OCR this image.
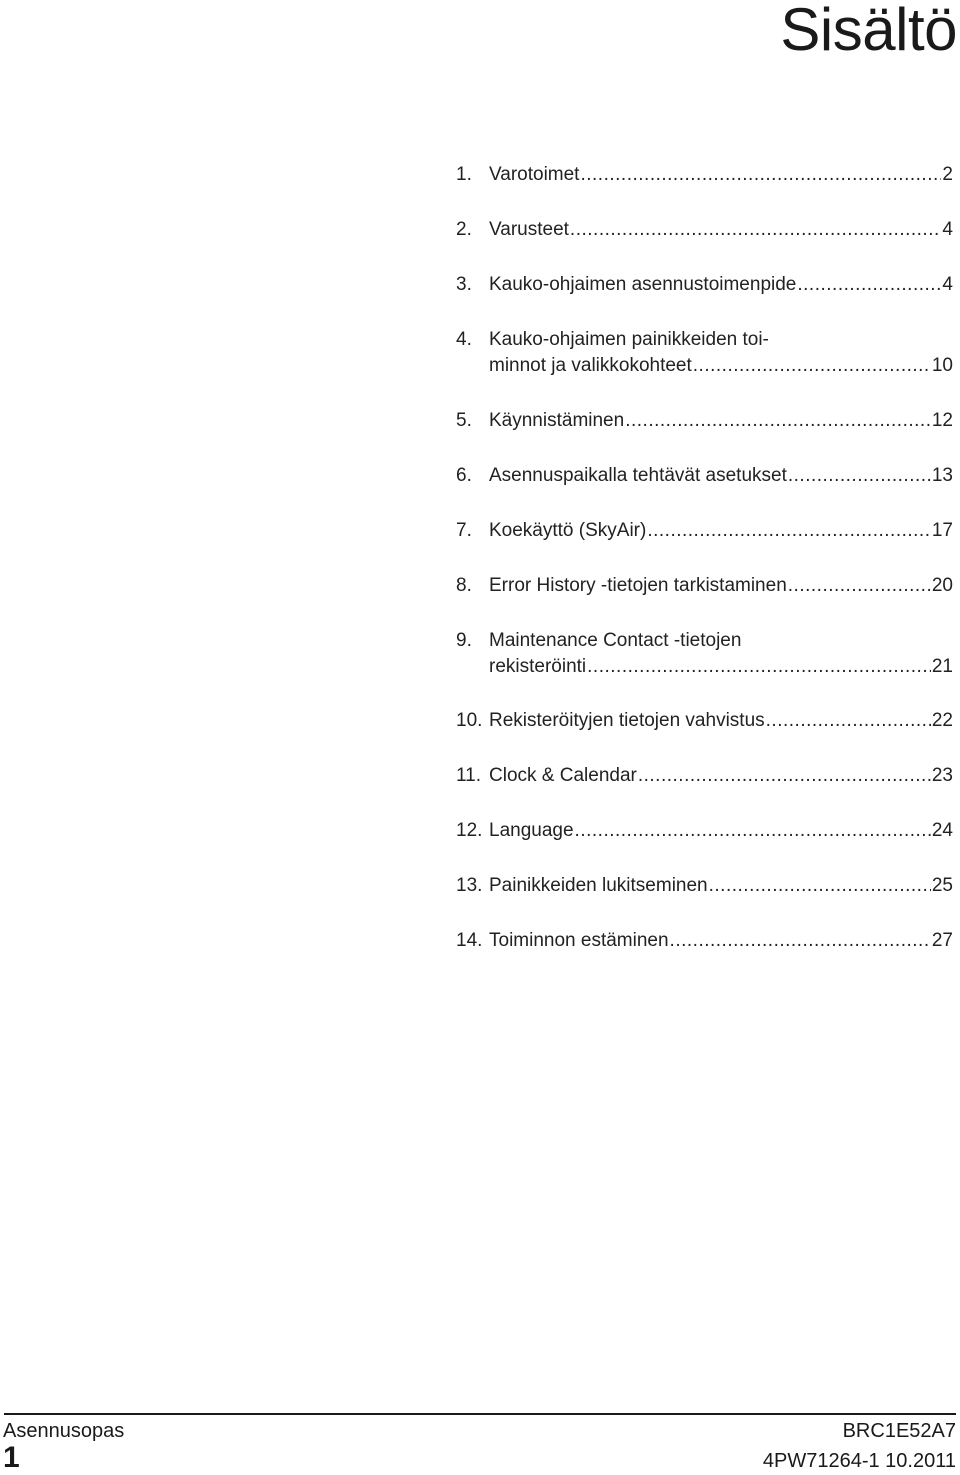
Sisältö
1. Varotoimet .....	2
2. Varusteet .....	4
3. Kauko-ohjaimen asennustoimenpide .....	4
4. Kauko-ohjaimen painikkeiden toi-
minnot ja valikkokohteet .....	10
5. Käynnistäminen .....	12
6. Asennuspaikalla tehtävät asetukset .....	13
7. Koekäyttö (SkyAir) .....	17
8. Error History -tietojen tarkistaminen .....	20
9. Maintenance Contact -tietojen
rekisteröinti .....	21
10. Rekisteröityjen tietojen vahvistus .....	22
11. Clock & Calendar .....	23
12. Language .....	24
13. Painikkeiden lukitseminen .....	25
14. Toiminnon estäminen .....	27
Asennusopas
1
BRC1E52A7
4PW71264-1 10.2011
